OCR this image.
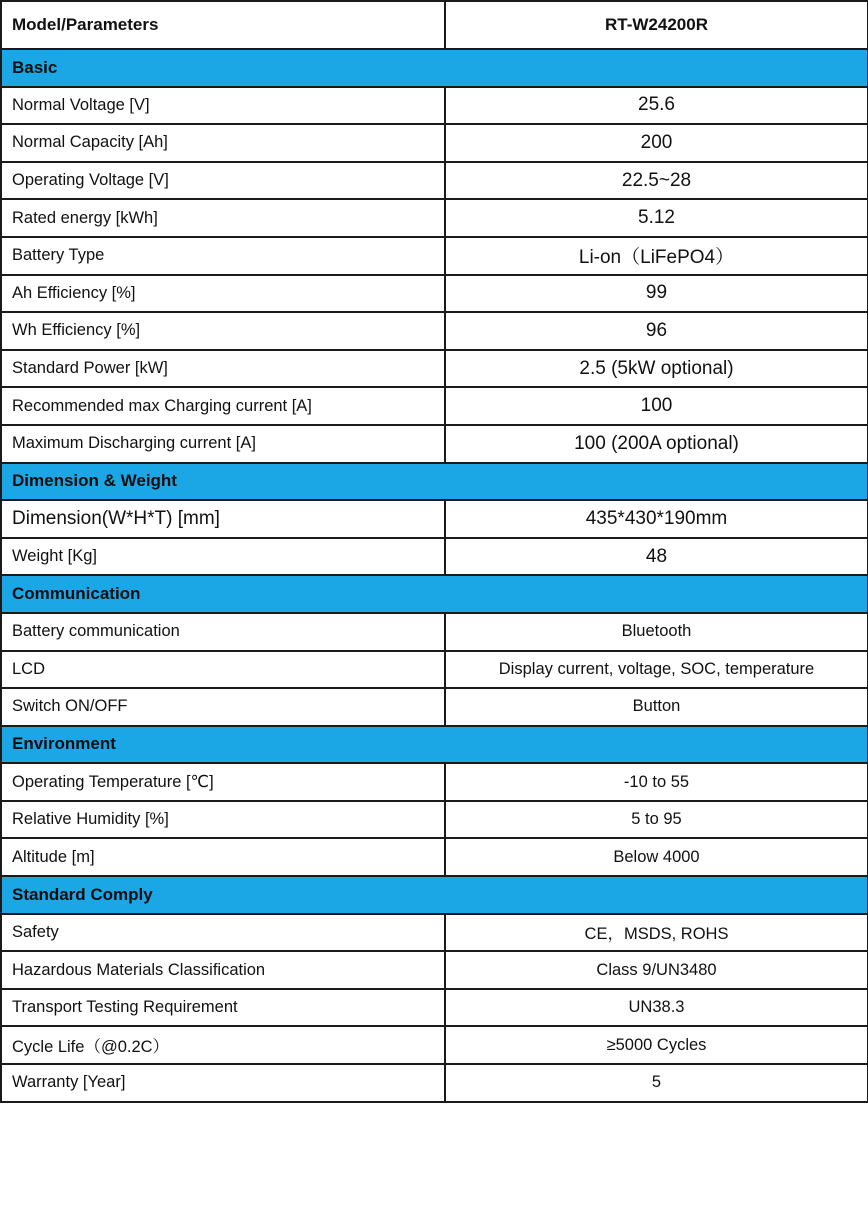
Model/Parameters	RT-W24200R
Basic	
Normal Voltage [V]	25.6
Normal Capacity [Ah]	200
Operating Voltage [V]	22.5~28
Rated energy [kWh]	5.12
Battery Type	Li-on（LiFePO4）
Ah Efficiency [%]	99
Wh Efficiency [%]	96
Standard Power [kW]	2.5 (5kW optional)
Recommended max Charging current [A]	100
Maximum Discharging current [A]	100 (200A optional)
Dimension & Weight	
Dimension(W*H*T) [mm]	435*430*190mm
Weight [Kg]	48
Communication	
Battery communication	Bluetooth
LCD	Display current, voltage, SOC, temperature
Switch ON/OFF	Button
Environment	
Operating Temperature [℃]	-10 to 55
Relative Humidity [%]	5 to 95
Altitude [m]	Below 4000
Standard Comply	
Safety	CE，MSDS, ROHS
Hazardous Materials Classification	Class 9/UN3480
Transport Testing Requirement	UN38.3
Cycle Life（@0.2C）	≥5000 Cycles
Warranty [Year]	5
